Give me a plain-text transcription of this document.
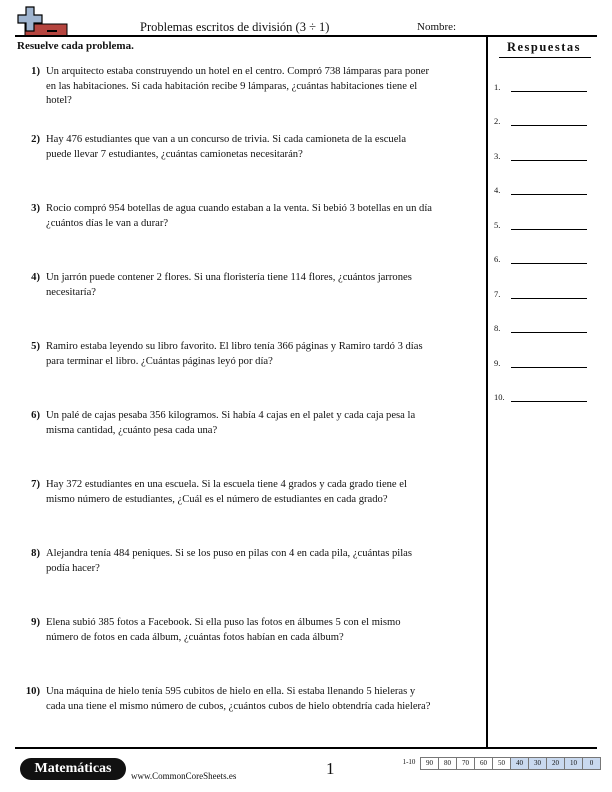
Problemas escritos de división (3 ÷ 1)	Nombre:
Resuelve cada problema.	Respuestas
1) Un arquitecto estaba construyendo un hotel en el centro. Compró 738 lámparas para poner
en las habitaciones. Si cada habitación recibe 9 lámparas, ¿cuántas habitaciones tiene el
hotel?
2) Hay 476 estudiantes que van a un concurso de trivia. Si cada camioneta de la escuela
puede llevar 7 estudiantes, ¿cuántas camionetas necesitarán?
3) Rocio compró 954 botellas de agua cuando estaban a la venta. Si bebió 3 botellas en un día
¿cuántos días le van a durar?
4) Un jarrón puede contener 2 flores. Si una floristería tiene 114 flores, ¿cuántos jarrones
necesitaría?
5) Ramiro estaba leyendo su libro favorito. El libro tenía 366 páginas y Ramiro tardó 3 días
para terminar el libro. ¿Cuántas páginas leyó por día?
6) Un palé de cajas pesaba 356 kilogramos. Si había 4 cajas en el palet y cada caja pesa la
misma cantidad, ¿cuánto pesa cada una?
7) Hay 372 estudiantes en una escuela. Si la escuela tiene 4 grados y cada grado tiene el
mismo número de estudiantes, ¿Cuál es el número de estudiantes en cada grado?
8) Alejandra tenía 484 peniques. Si se los puso en pilas con 4 en cada pila, ¿cuántas pilas
podía hacer?
9) Elena subió 385 fotos a Facebook. Si ella puso las fotos en álbumes 5 con el mismo
número de fotos en cada álbum, ¿cuántas fotos habían en cada álbum?
10) Una máquina de hielo tenía 595 cubitos de hielo en ella. Si estaba llenando 5 hieleras y
cada una tiene el mismo número de cubos, ¿cuántos cubos de hielo obtendría cada hielera?
1.
2.
3.
4.
5.
6.
7.
8.
9.
10.
Matemáticas	www.CommonCoreSheets.es	1	1-10	90	80	70	60	50	40	30	20	10	0
